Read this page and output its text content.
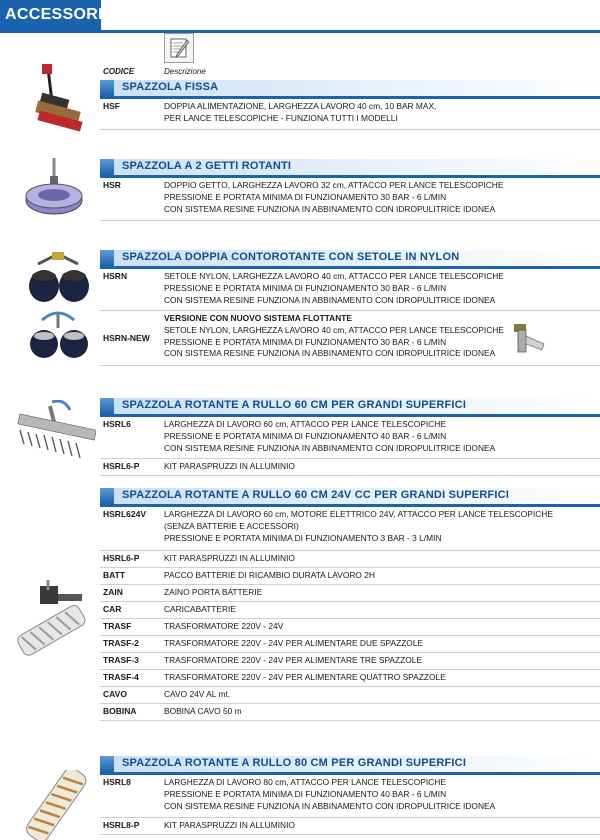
ACCESSORI
CODICE	Descrizione
SPAZZOLA FISSA
HSF	DOPPIA ALIMENTAZIONE, LARGHEZZA LAVORO 40 cm, 10 BAR MAX,
PER LANCE TELESCOPICHE - FUNZIONA TUTTI I MODELLI
SPAZZOLA A 2 GETTI ROTANTI
HSR	DOPPIO GETTO, LARGHEZZA LAVORO 32 cm, ATTACCO PER LANCE TELESCOPICHE
PRESSIONE E PORTATA MINIMA DI FUNZIONAMENTO 30 BAR - 6 L/MIN
CON SISTEMA RESINE FUNZIONA IN ABBINAMENTO CON IDROPULITRICE IDONEA
SPAZZOLA DOPPIA CONTOROTANTE CON SETOLE IN NYLON
HSRN	SETOLE NYLON, LARGHEZZA LAVORO 40 cm, ATTACCO PER LANCE TELESCOPICHE
PRESSIONE E PORTATA MINIMA DI FUNZIONAMENTO 30 BAR - 6 L/MIN
CON SISTEMA RESINE FUNZIONA IN ABBINAMENTO CON IDROPULITRICE IDONEA
HSRN-NEW
VERSIONE CON NUOVO SISTEMA FLOTTANTE
SETOLE NYLON, LARGHEZZA LAVORO 40 cm, ATTACCO PER LANCE TELESCOPICHE
PRESSIONE E PORTATA MINIMA DI FUNZIONAMENTO 30 BAR - 6 L/MIN
CON SISTEMA RESINE FUNZIONA IN ABBINAMENTO CON IDROPULITRICE IDONEA
SPAZZOLA ROTANTE A RULLO 60 CM PER GRANDI SUPERFICI
HSRL6	LARGHEZZA DI LAVORO 60 cm, ATTACCO PER LANCE TELESCOPICHE
PRESSIONE E PORTATA MINIMA DI FUNZIONAMENTO 40 BAR - 6 L/MIN
CON SISTEMA RESINE FUNZIONA IN ABBINAMENTO CON IDROPULITRICE IDONEA
HSRL6-P	KIT PARASPRUZZI IN ALLUMINIO
SPAZZOLA ROTANTE A RULLO 60 CM 24V CC PER GRANDI SUPERFICI
HSRL624V LARGHEZZA DI LAVORO 60 cm, MOTORE ELETTRICO 24V, ATTACCO PER LANCE TELESCOPICHE
(SENZA BATTERIE E ACCESSORI)
PRESSIONE E PORTATA MINIMA DI FUNZIONAMENTO 3 BAR - 3 L/MIN
HSRL6-P	KIT PARASPRUZZI IN ALLUMINIO
BATT	PACCO BATTERIE DI RICAMBIO DURATA LAVORO 2H
ZAIN	ZAINO PORTA BATTERIE
CAR	CARICABATTERIE
TRASF	TRASFORMATORE 220V - 24V
TRASF-2	TRASFORMATORE 220V - 24V PER ALIMENTARE DUE SPAZZOLE
TRASF-3	TRASFORMATORE 220V - 24V PER ALIMENTARE TRE SPAZZOLE
TRASF-4	TRASFORMATORE 220V - 24V PER ALIMENTARE QUATTRO SPAZZOLE
CAVO	CAVO 24V AL mt.
BOBINA	BOBINA CAVO 50 m
SPAZZOLA ROTANTE A RULLO 80 CM PER GRANDI SUPERFICI
HSRL8	LARGHEZZA DI LAVORO 80 cm, ATTACCO PER LANCE TELESCOPICHE
PRESSIONE E PORTATA MINIMA DI FUNZIONAMENTO 40 BAR - 6 L/MIN
CON SISTEMA RESINE FUNZIONA IN ABBINAMENTO CON IDROPULITRICE IDONEA
HSRL8-P	KIT PARASPRUZZI IN ALLUMINIO
